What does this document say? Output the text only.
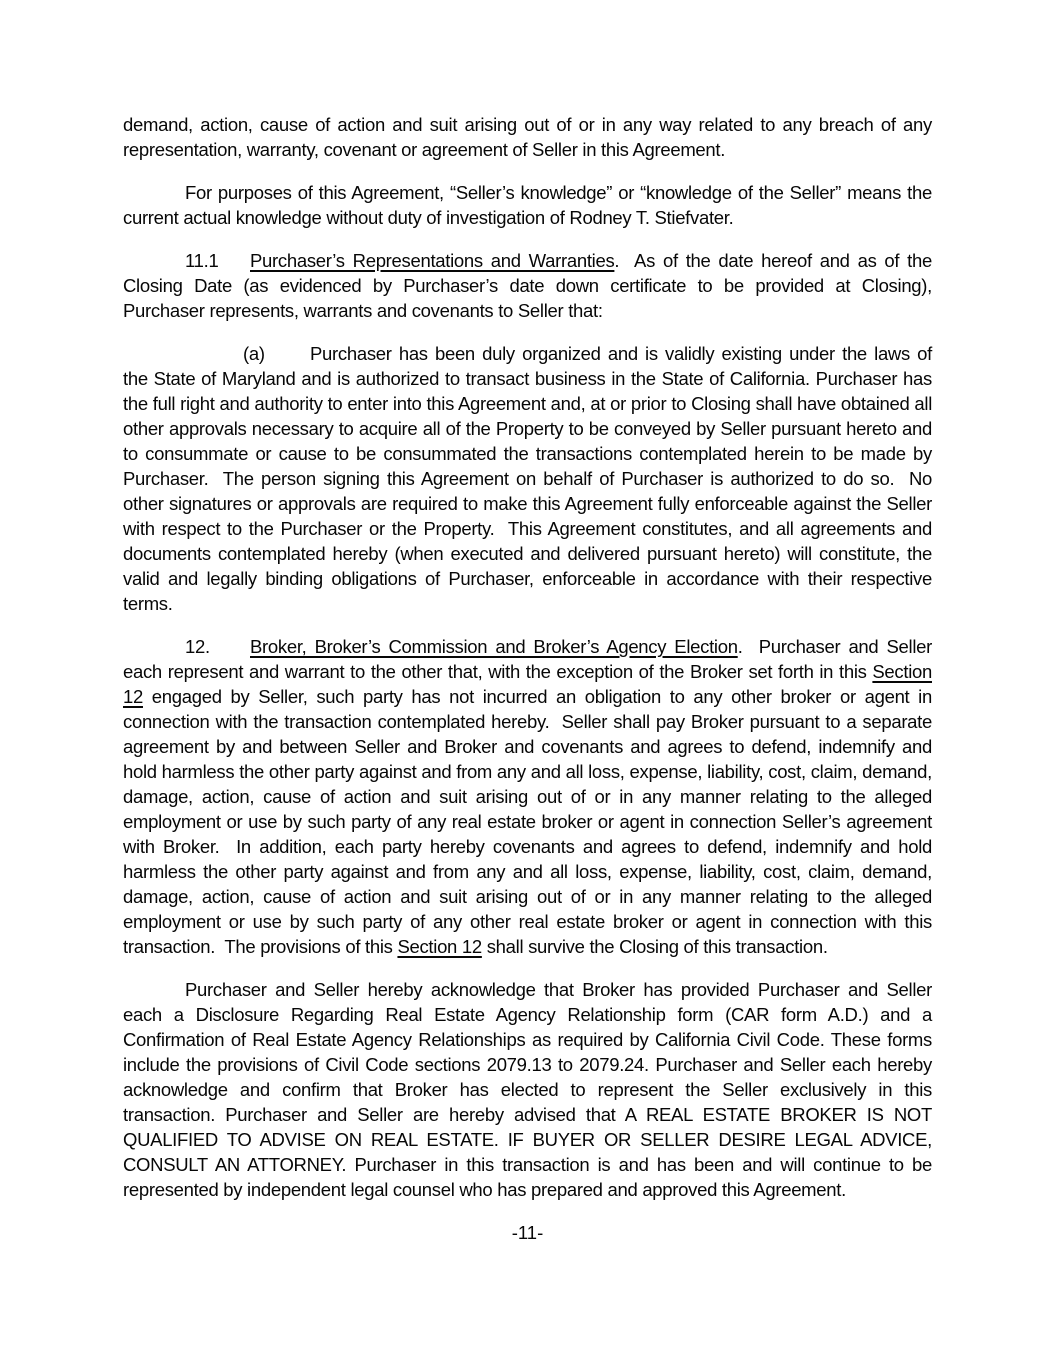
demand, action, cause of action and suit arising out of or in any way related to any breach of any representation, warranty, covenant or agreement of Seller in this Agreement.

For purposes of this Agreement, “Seller’s knowledge” or “knowledge of the Seller” means the current actual knowledge without duty of investigation of Rodney T. Stiefvater.

11.1 Purchaser’s Representations and Warranties.  As of the date hereof and as of the Closing Date (as evidenced by Purchaser’s date down certificate to be provided at Closing), Purchaser represents, warrants and covenants to Seller that:

(a) Purchaser has been duly organized and is validly existing under the laws of the State of Maryland and is authorized to transact business in the State of California. Purchaser has the full right and authority to enter into this Agreement and, at or prior to Closing shall have obtained all other approvals necessary to acquire all of the Property to be conveyed by Seller pursuant hereto and to consummate or cause to be consummated the transactions contemplated herein to be made by Purchaser.  The person signing this Agreement on behalf of Purchaser is authorized to do so.  No other signatures or approvals are required to make this Agreement fully enforceable against the Seller with respect to the Purchaser or the Property.  This Agreement constitutes, and all agreements and documents contemplated hereby (when executed and delivered pursuant hereto) will constitute, the valid and legally binding obligations of Purchaser, enforceable in accordance with their respective terms.

12. Broker, Broker’s Commission and Broker’s Agency Election.  Purchaser and Seller each represent and warrant to the other that, with the exception of the Broker set forth in this Section 12 engaged by Seller, such party has not incurred an obligation to any other broker or agent in connection with the transaction contemplated hereby.  Seller shall pay Broker pursuant to a separate agreement by and between Seller and Broker and covenants and agrees to defend, indemnify and hold harmless the other party against and from any and all loss, expense, liability, cost, claim, demand, damage, action, cause of action and suit arising out of or in any manner relating to the alleged employment or use by such party of any real estate broker or agent in connection Seller’s agreement with Broker.  In addition, each party hereby covenants and agrees to defend, indemnify and hold harmless the other party against and from any and all loss, expense, liability, cost, claim, demand, damage, action, cause of action and suit arising out of or in any manner relating to the alleged employment or use by such party of any other real estate broker or agent in connection with this transaction.  The provisions of this Section 12 shall survive the Closing of this transaction.

Purchaser and Seller hereby acknowledge that Broker has provided Purchaser and Seller each a Disclosure Regarding Real Estate Agency Relationship form (CAR form A.D.) and a Confirmation of Real Estate Agency Relationships as required by California Civil Code. These forms include the provisions of Civil Code sections 2079.13 to 2079.24. Purchaser and Seller each hereby acknowledge and confirm that Broker has elected to represent the Seller exclusively in this transaction. Purchaser and Seller are hereby advised that A REAL ESTATE BROKER IS NOT QUALIFIED TO ADVISE ON REAL ESTATE. IF BUYER OR SELLER DESIRE LEGAL ADVICE, CONSULT AN ATTORNEY. Purchaser in this transaction is and has been and will continue to be represented by independent legal counsel who has prepared and approved this Agreement.

-11-
